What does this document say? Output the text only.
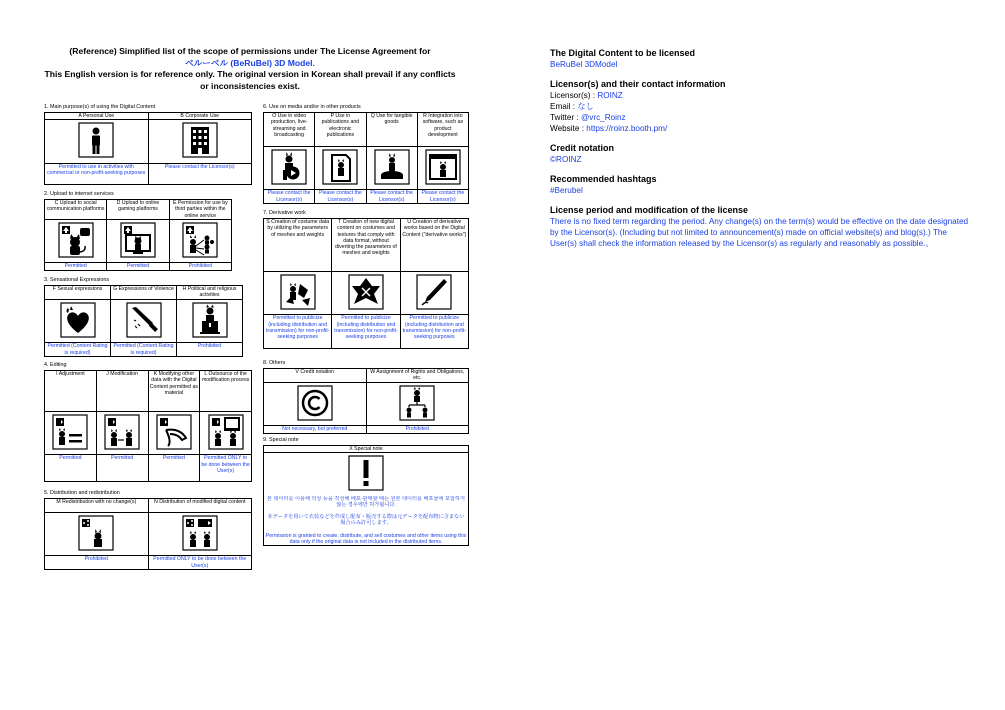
(Reference) Simplified list of the scope of permissions under The License Agreement for
ベルーベル (BeRuBel) 3D Model.
This English version is for reference only. The original version in Korean shall prevail if any conflicts or inconsistencies exist.
1. Main purpose(s) of using the Digital Content
A Personal Use	B Corporate Use

Permitted to use in activities with commercial or non-profit-seeking purposes	Please contact the Licensor(s)
2. Upload to internet services
C Upload to social communication platforms	D Upload to online gaming platforms	E Permission for use by third parties within the online service

Permitted	Permitted	Prohibited
3. Sensational Expressions
F Sexual expressions	G Expressions of Violence	H Political and religious activities

Permitted (Content Rating is required)	Permitted (Content Rating is required)	Prohibited
4. Editing
I Adjustment	J Modification	K Modifying other data with the Digital Content permitted as material	L Outsource of the modification process

Permitted	Permitted	Permitted	Permitted ONLY to be done between the User(s)
5. Distribution and redistribution
M Redistribution with no change(s)	N Distribution of modified digital content

Prohibited	Permitted ONLY to be done between the User(s)
6. Use on media and/or in other products
O Use in video production, live-streaming and broadcasting	P Use in publications and electronic publications	Q Use for tangible goods	R Integration into software, such as product development

Please contact the Licensor(s)	Please contact the Licensor(s)	Please contact the Licensor(s)	Please contact the Licensor(s)
7. Derivative work
S Creation of costume data by utilizing the parameters of meshes and weights	T Creation of new digital content on costumes and textures that comply with data format, without diverting the parameters of meshes and weights	U Creation of derivative works based on the Digital Content ("derivative works")

Permitted to publicize (including distribution and transmission) for non-profit-seeking purposes	Permitted to publicize (including distribution and transmission) for non-profit-seeking purposes	Permitted to publicize (including distribution and transmission) for non-profit-seeking purposes
8. Others
V Credit notation	W Assignment of Rights and Obligations, etc.

Not necessary, but preferred	Prohibited
9. Special note
X Special note

본 데이터를 이용해 의상 등을 작성해 배포·판매할 때는 원본 데이터를 배포물에 포함하지 않는 경우에만 허가됩니다.
本データを用いて衣装などを作成し配布・販売する際は元データを配布物に含まない場合のみ許可します。
Permission is granted to create, distribute, and sell costumes and other items using this data only if the original data is not included in the distributed items.
The Digital Content to be licensed
BeRuBel 3DModel
Licensor(s) and their contact information
Licensor(s) : ROINZ
Email : なし
Twitter : @vrc_Roinz
Website : https://roinz.booth.pm/
Credit notation
©ROINZ
Recommended hashtags
#Berubel
License period and modification of the license
There is no fixed term regarding the period. Any change(s) on the term(s) would be effective on the date designated by the Licensor(s). (Including but not limited to announcement(s) made on official website(s) and blog(s).) The User(s) shall check the information released by the Licensor(s) as regularly and reasonably as possible.。
